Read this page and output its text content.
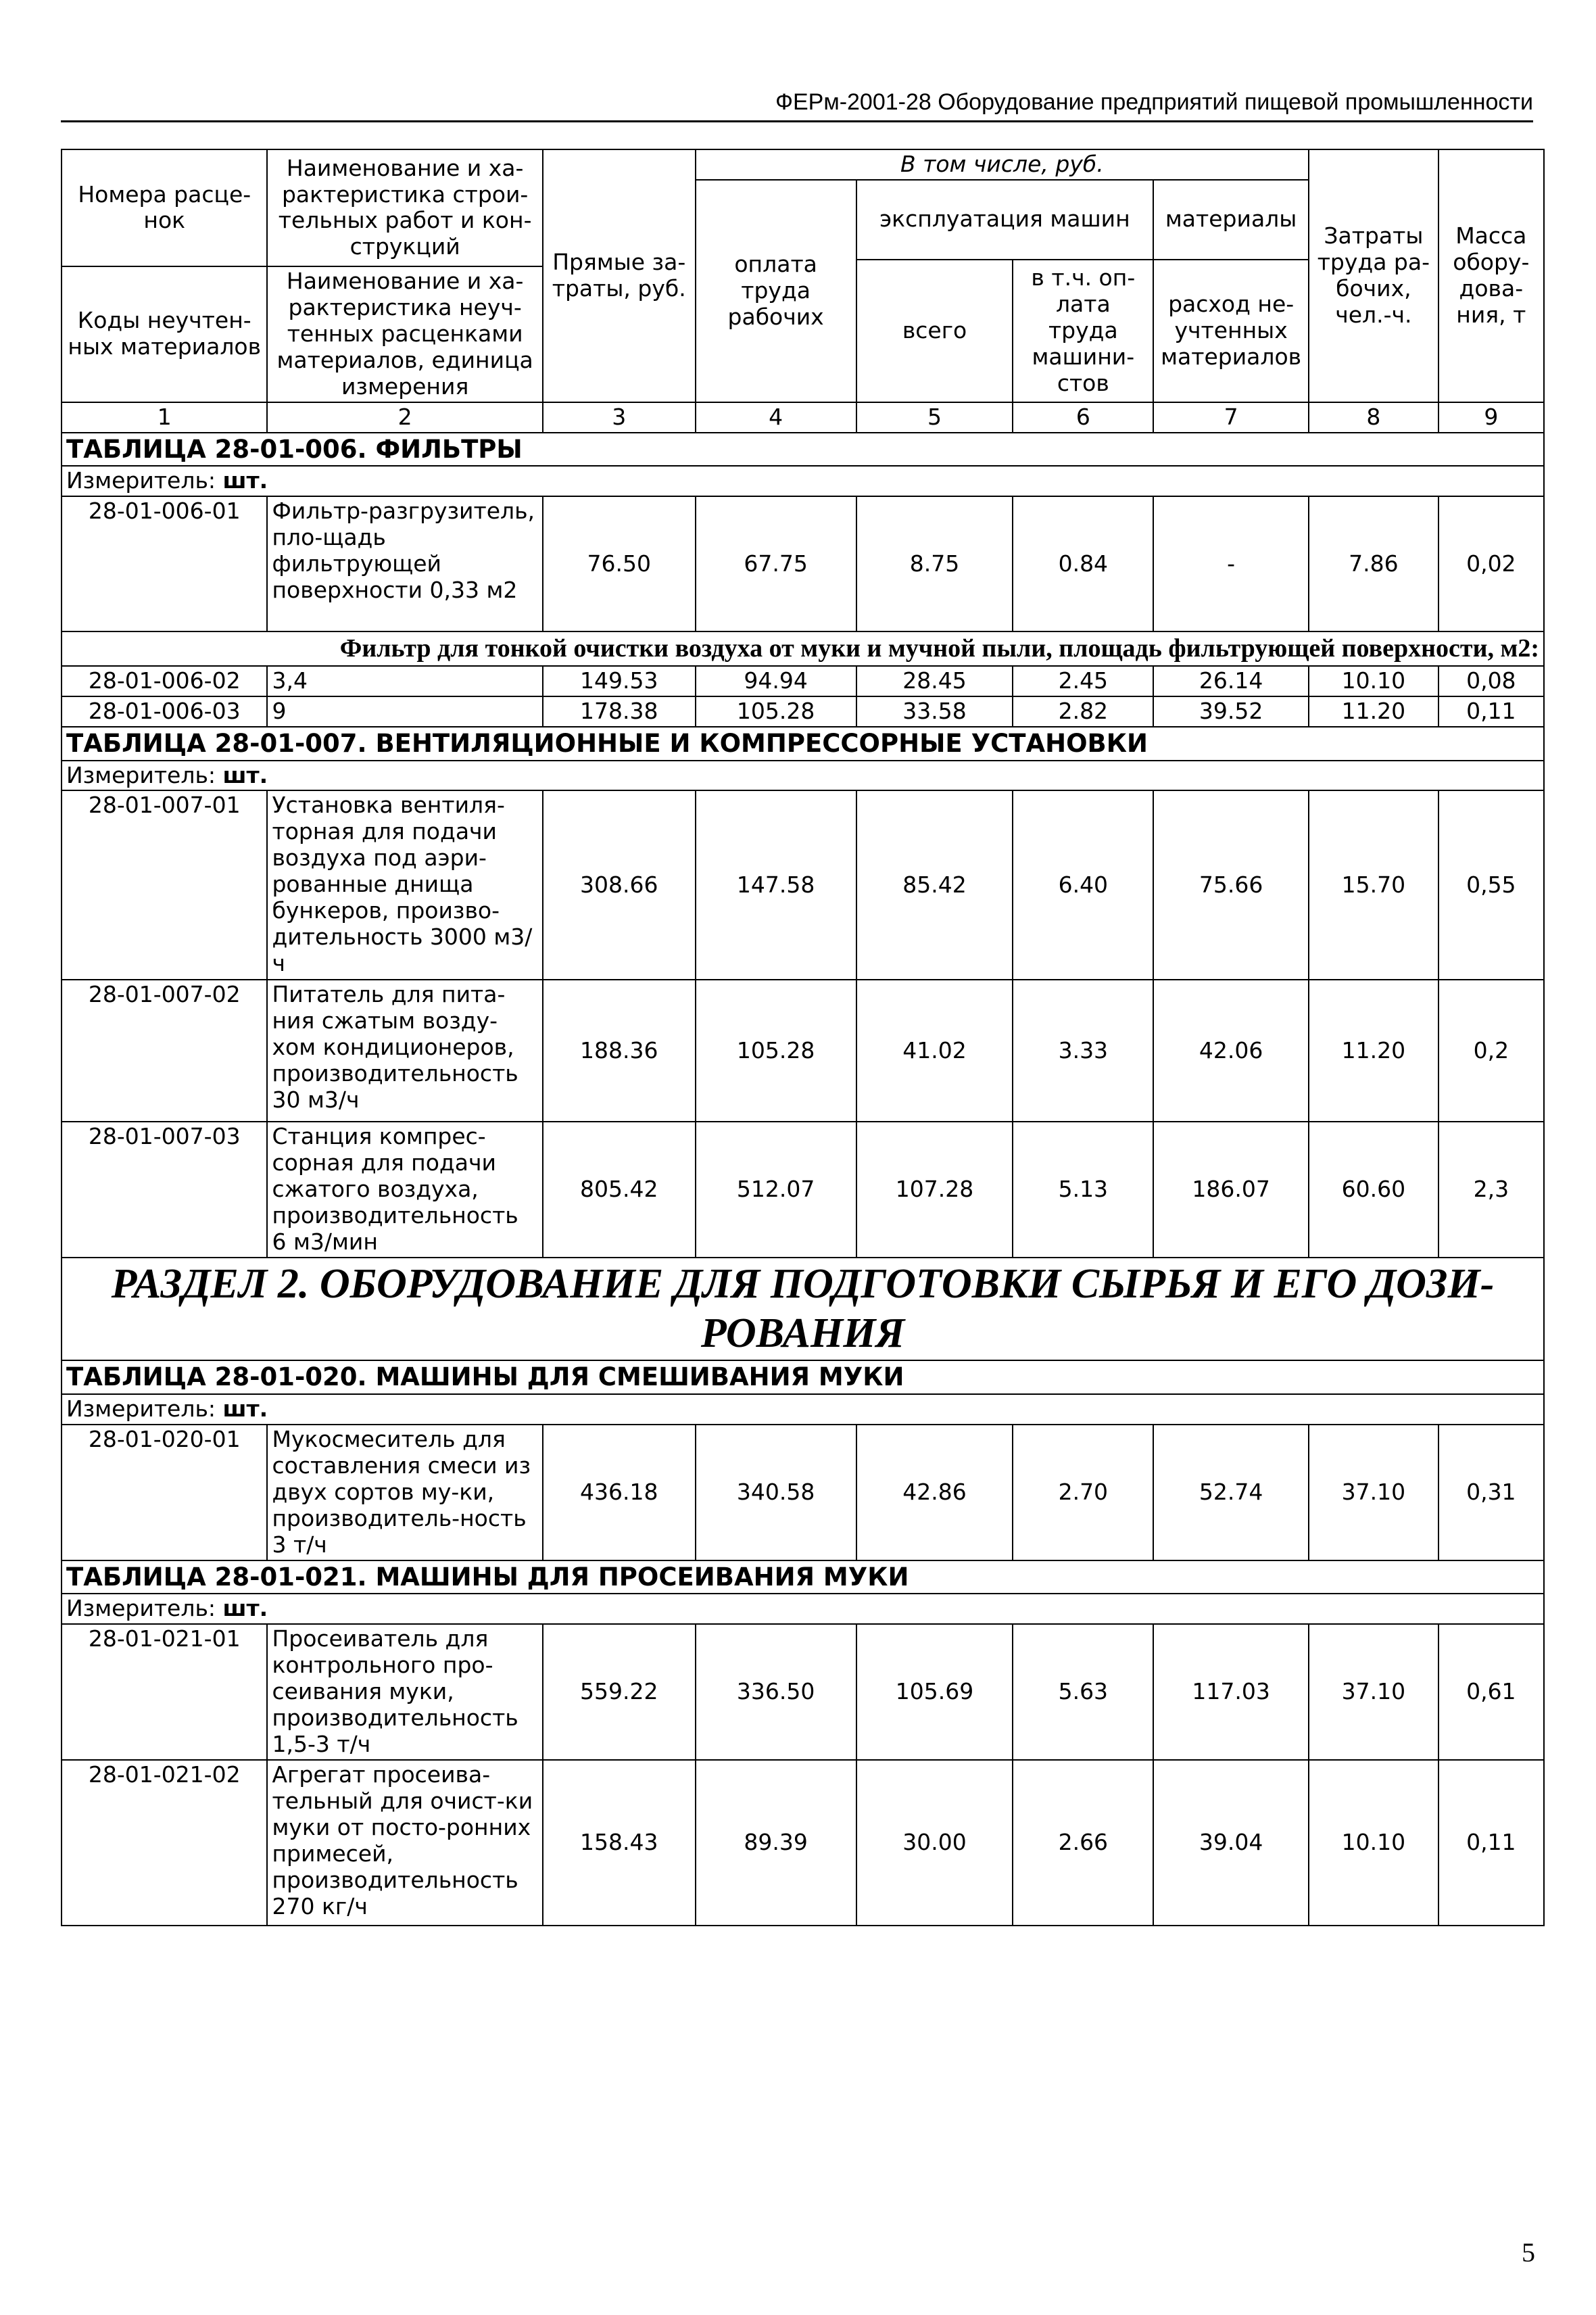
ФЕРм-2001-28 Оборудование предприятий пищевой промышленности
Номера расце-нок	Наименование и ха-рактеристика строи-тельных работ и кон-струкций	Прямые за-траты, руб.	В том числе, руб.				Затраты труда ра-бочих, чел.-ч.	Масса обору-дова-ния, т
			оплата труда рабочих	эксплуатация машин		материалы		
				всего	в т.ч. оп-лата труда машини-стов	расход не-учтенных материалов		
Коды неучтен-ных материалов	Наименование и ха-рактеристика неуч-тенных расценками материалов, единица измерения							

1	2	3	4	5	6	7	8	9
ТАБЛИЦА 28-01-006. ФИЛЬТРЫ								
Измеритель: шт.								
28-01-006-01	Фильтр-разгрузитель, пло-щадь фильтрующей поверхности 0,33 м2	76.50	67.75	8.75	0.84	-	7.86	0,02
Фильтр для тонкой очистки воздуха от муки и мучной пыли, площадь фильтрующей поверхности, м2:								
28-01-006-02	3,4	149.53	94.94	28.45	2.45	26.14	10.10	0,08
28-01-006-03	9	178.38	105.28	33.58	2.82	39.52	11.20	0,11
ТАБЛИЦА 28-01-007. ВЕНТИЛЯЦИОННЫЕ И КОМПРЕССОРНЫЕ УСТАНОВКИ								
Измеритель: шт.								
28-01-007-01	Установка вентиля-торная для подачи воздуха под аэри-рованные днища бункеров, произво-дительность 3000 м3/ч	308.66	147.58	85.42	6.40	75.66	15.70	0,55
28-01-007-02	Питатель для пита-ния сжатым возду-хом кондиционеров, производительность 30 м3/ч	188.36	105.28	41.02	3.33	42.06	11.20	0,2
28-01-007-03	Станция компрес-сорная для подачи сжатого воздуха, производительность 6 м3/мин	805.42	512.07	107.28	5.13	186.07	60.60	2,3
РАЗДЕЛ 2. ОБОРУДОВАНИЕ ДЛЯ ПОДГОТОВКИ СЫРЬЯ И ЕГО ДОЗИ-РОВАНИЯ								
ТАБЛИЦА 28-01-020. МАШИНЫ ДЛЯ СМЕШИВАНИЯ МУКИ								
Измеритель: шт.								
28-01-020-01	Мукосмеситель для составления смеси из двух сортов му-ки, производитель-ность 3 т/ч	436.18	340.58	42.86	2.70	52.74	37.10	0,31
ТАБЛИЦА 28-01-021. МАШИНЫ ДЛЯ ПРОСЕИВАНИЯ МУКИ								
Измеритель: шт.								
28-01-021-01	Просеиватель для контрольного про-сеивания муки, производительность 1,5-3 т/ч	559.22	336.50	105.69	5.63	117.03	37.10	0,61
28-01-021-02	Агрегат просеива-тельный для очист-ки муки от посто-ронних примесей, производительность 270 кг/ч	158.43	89.39	30.00	2.66	39.04	10.10	0,11
5
